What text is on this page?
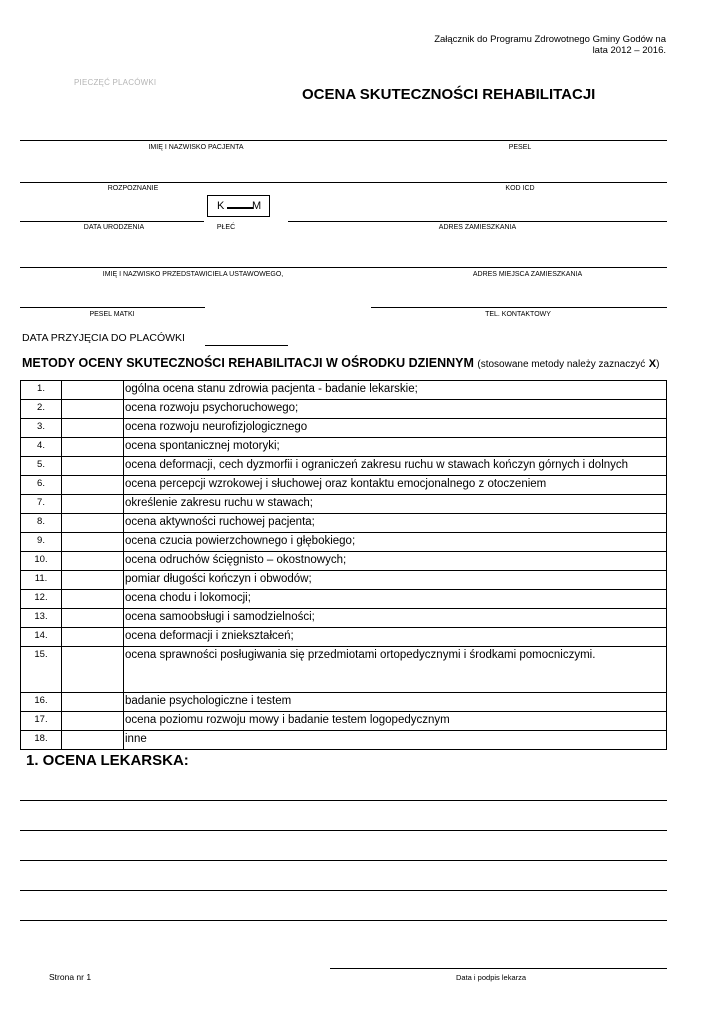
Załącznik do Programu Zdrowotnego Gminy Godów na
lata 2012 – 2016.
PIECZĘĆ PLACÓWKI
OCENA SKUTECZNOŚCI REHABILITACJI
IMIĘ I NAZWISKO PACJENTA	PESEL
ROZPOZNANIE	KOD ICD
K	M
DATA URODZENIA	PŁEĆ	ADRES ZAMIESZKANIA
IMIĘ I NAZWISKO PRZEDSTAWICIELA USTAWOWEGO,	ADRES MIEJSCA ZAMIESZKANIA
PESEL MATKI	TEL. KONTAKTOWY
DATA PRZYJĘCIA DO PLACÓWKI
METODY OCENY SKUTECZNOŚCI REHABILITACJI W OŚRODKU DZIENNYM (stosowane metody należy zaznaczyć X)
1.		ogólna ocena stanu zdrowia pacjenta - badanie lekarskie;
2.		ocena rozwoju psychoruchowego;
3.		ocena rozwoju neurofizjologicznego
4.		ocena spontanicznej motoryki;
5.		ocena deformacji, cech dyzmorfii i ograniczeń zakresu ruchu w stawach kończyn górnych i dolnych
6.		ocena percepcji wzrokowej i słuchowej oraz kontaktu emocjonalnego z otoczeniem
7.		określenie zakresu ruchu w stawach;
8.		ocena aktywności ruchowej pacjenta;
9.		ocena czucia powierzchownego i głębokiego;
10.		ocena odruchów ścięgnisto – okostnowych;
11.		pomiar długości kończyn i obwodów;
12.		ocena chodu i lokomocji;
13.		ocena samoobsługi i samodzielności;
14.		ocena deformacji i zniekształceń;
15.		ocena sprawności posługiwania się przedmiotami ortopedycznymi i środkami pomocniczymi.
16.		badanie psychologiczne i testem
17.		ocena poziomu rozwoju mowy i badanie testem logopedycznym
18.		inne
1. OCENA LEKARSKA:
Strona nr 1	Data i podpis lekarza
